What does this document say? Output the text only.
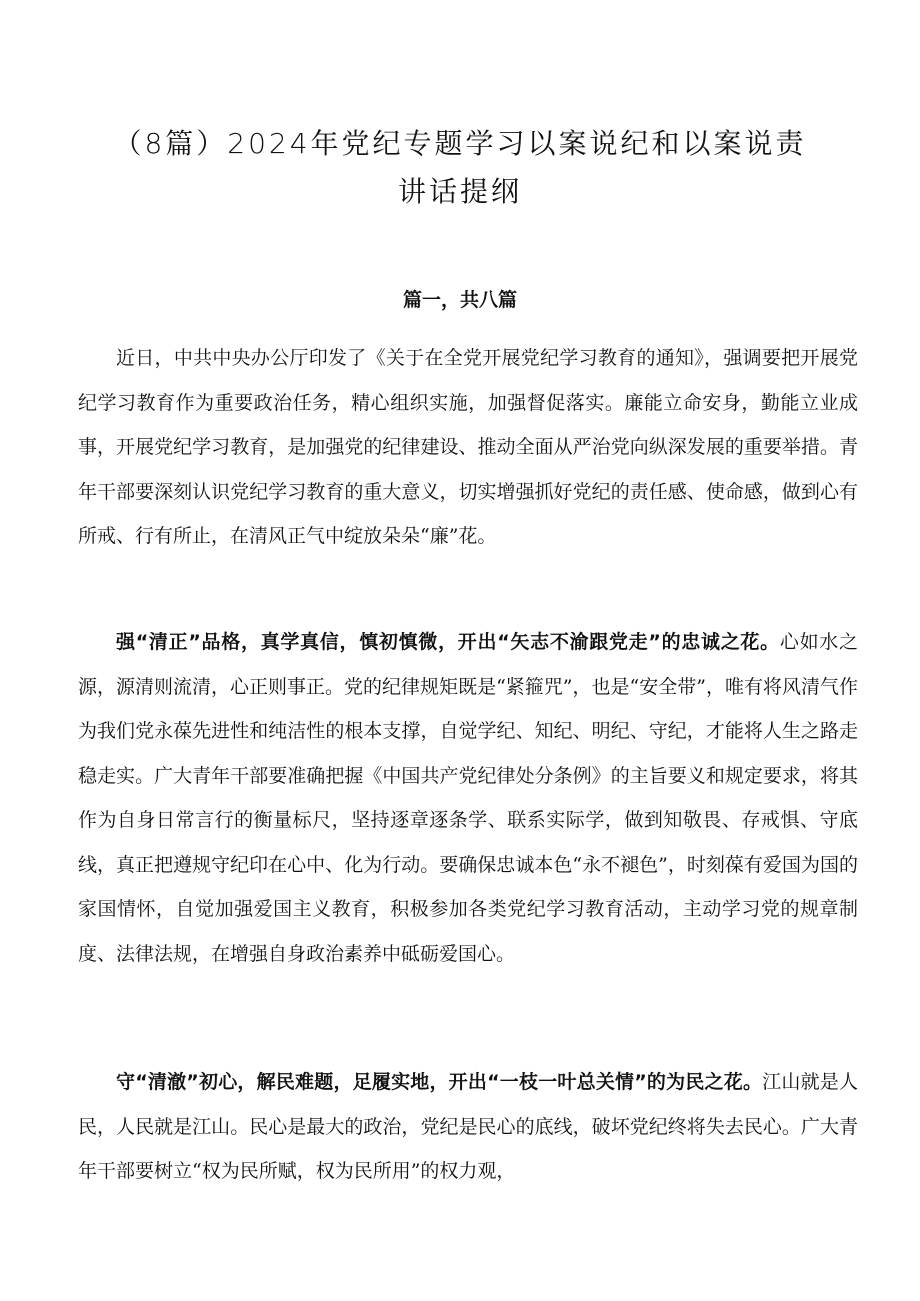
（8篇）2024年党纪专题学习以案说纪和以案说责
讲话提纲
篇一，共八篇

近日，中共中央办公厅印发了《关于在全党开展党纪学习教育的通知》，强调要把开展党纪学习教育作为重要政治任务，精心组织实施，加强督促落实。廉能立命安身，勤能立业成事，开展党纪学习教育，是加强党的纪律建设、推动全面从严治党向纵深发展的重要举措。青年干部要深刻认识党纪学习教育的重大意义，切实增强抓好党纪的责任感、使命感，做到心有所戒、行有所止，在清风正气中绽放朵朵“廉”花。

强“清正”品格，真学真信，慎初慎微，开出“矢志不渝跟党走”的忠诚之花。心如水之源，源清则流清，心正则事正。党的纪律规矩既是“紧箍咒”，也是“安全带”，唯有将风清气作为我们党永葆先进性和纯洁性的根本支撑，自觉学纪、知纪、明纪、守纪，才能将人生之路走稳走实。广大青年干部要准确把握《中国共产党纪律处分条例》的主旨要义和规定要求，将其作为自身日常言行的衡量标尺，坚持逐章逐条学、联系实际学，做到知敬畏、存戒惧、守底线，真正把遵规守纪印在心中、化为行动。要确保忠诚本色“永不褪色”，时刻葆有爱国为国的家国情怀，自觉加强爱国主义教育，积极参加各类党纪学习教育活动，主动学习党的规章制度、法律法规，在增强自身政治素养中砥砺爱国心。

守“清澈”初心，解民难题，足履实地，开出“一枝一叶总关情”的为民之花。江山就是人民，人民就是江山。民心是最大的政治，党纪是民心的底线，破坏党纪终将失去民心。广大青年干部要树立“权为民所赋，权为民所用”的权力观，
